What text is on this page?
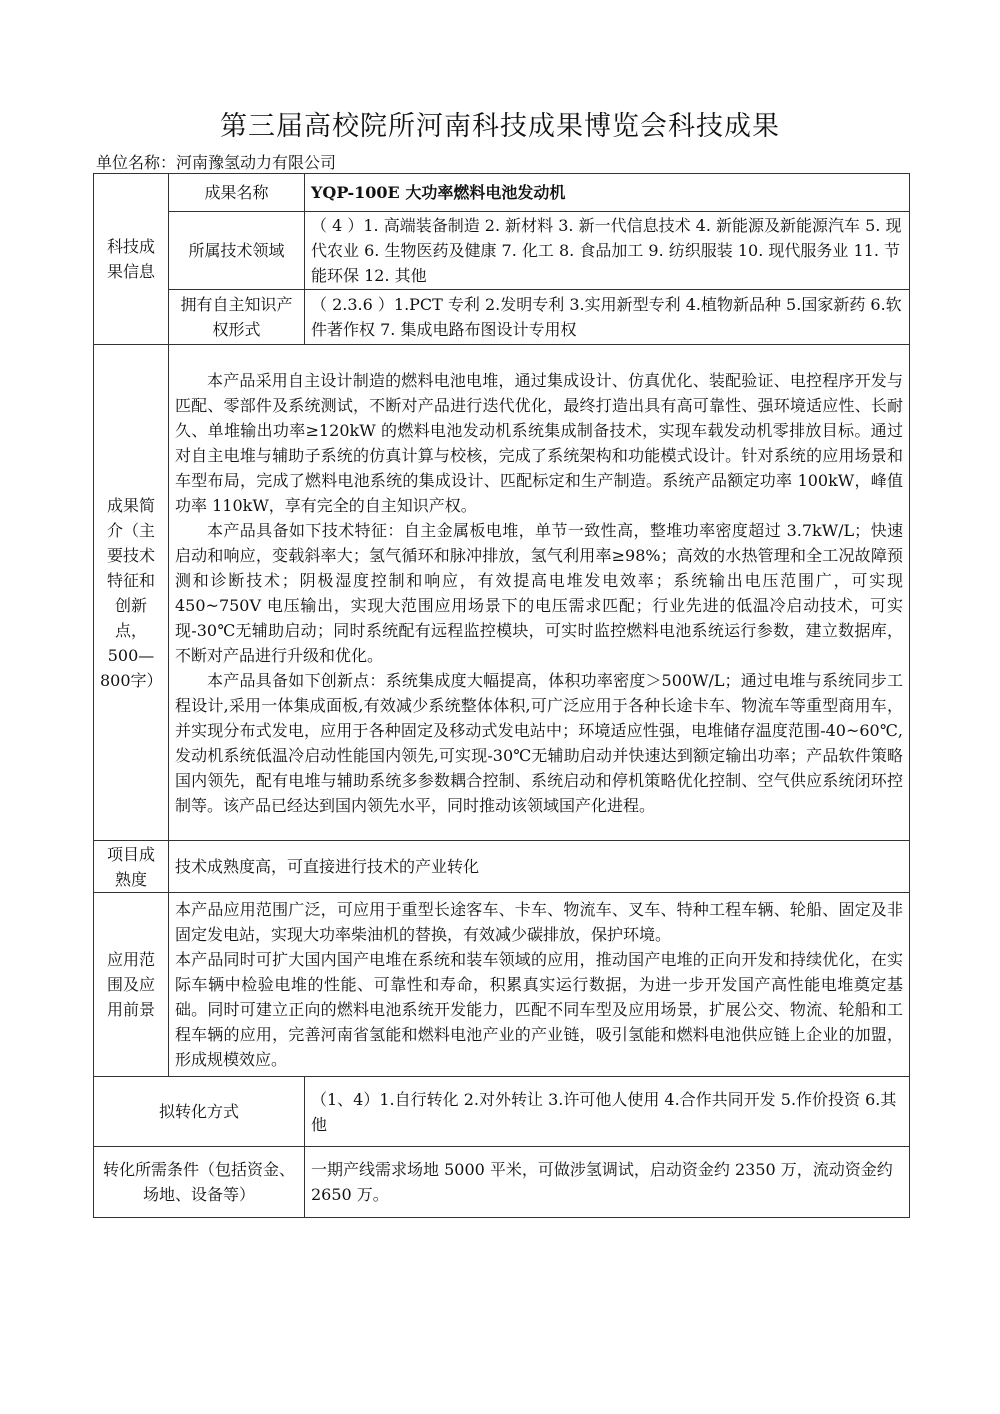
第三届高校院所河南科技成果博览会科技成果
单位名称：河南豫氢动力有限公司
科技成果信息	成果名称	YQP-100E 大功率燃料电池发动机
	所属技术领域	（ 4 ）1. 高端装备制造 2. 新材料 3. 新一代信息技术 4. 新能源及新能源汽车 5. 现代农业 6. 生物医药及健康 7. 化工 8. 食品加工 9. 纺织服装 10. 现代服务业 11. 节能环保 12. 其他
	拥有自主知识产权形式	（ 2.3.6 ）1.PCT 专利 2.发明专利 3.实用新型专利 4.植物新品种 5.国家新药 6.软件著作权 7. 集成电路布图设计专用权
成果简介（主要技术特征和创新点，500—800字）	本产品采用自主设计制造的燃料电池电堆，通过集成设计、仿真优化、装配验证、电控程序开发与匹配、零部件及系统测试，不断对产品进行迭代优化，最终打造出具有高可靠性、强环境适应性、长耐久、单堆输出功率≥120kW 的燃料电池发动机系统集成制备技术，实现车载发动机零排放目标。通过对自主电堆与辅助子系统的仿真计算与校核，完成了系统架构和功能模式设计。针对系统的应用场景和车型布局，完成了燃料电池系统的集成设计、匹配标定和生产制造。系统产品额定功率 100kW，峰值功率 110kW，享有完全的自主知识产权。

本产品具备如下技术特征：自主金属板电堆，单节一致性高，整堆功率密度超过 3.7kW/L；快速启动和响应，变载斜率大；氢气循环和脉冲排放，氢气利用率≥98%；高效的水热管理和全工况故障预测和诊断技术；阴极湿度控制和响应，有效提高电堆发电效率；系统输出电压范围广，可实现 450~750V 电压输出，实现大范围应用场景下的电压需求匹配；行业先进的低温冷启动技术，可实现-30℃无辅助启动；同时系统配有远程监控模块，可实时监控燃料电池系统运行参数，建立数据库，不断对产品进行升级和优化。

本产品具备如下创新点：系统集成度大幅提高，体积功率密度＞500W/L；通过电堆与系统同步工程设计,采用一体集成面板,有效减少系统整体体积,可广泛应用于各种长途卡车、物流车等重型商用车，并实现分布式发电，应用于各种固定及移动式发电站中；环境适应性强，电堆储存温度范围-40~60℃,发动机系统低温冷启动性能国内领先,可实现-30℃无辅助启动并快速达到额定输出功率；产品软件策略国内领先，配有电堆与辅助系统多参数耦合控制、系统启动和停机策略优化控制、空气供应系统闭环控制等。该产品已经达到国内领先水平，同时推动该领域国产化进程。	

项目成熟度	技术成熟度高，可直接进行技术的产业转化	
应用范围及应用前景	本产品应用范围广泛，可应用于重型长途客车、卡车、物流车、叉车、特种工程车辆、轮船、固定及非固定发电站，实现大功率柴油机的替换，有效减少碳排放，保护环境。

本产品同时可扩大国内国产电堆在系统和装车领域的应用，推动国产电堆的正向开发和持续优化，在实际车辆中检验电堆的性能、可靠性和寿命，积累真实运行数据，为进一步开发国产高性能电堆奠定基础。同时可建立正向的燃料电池系统开发能力，匹配不同车型及应用场景，扩展公交、物流、轮船和工程车辆的应用，完善河南省氢能和燃料电池产业的产业链，吸引氢能和燃料电池供应链上企业的加盟，形成规模效应。	

拟转化方式		（1、4）1.自行转化 2.对外转让 3.许可他人使用 4.合作共同开发 5.作价投资 6.其他
转化所需条件（包括资金、场地、设备等）		一期产线需求场地 5000 平米，可做涉氢调试，启动资金约 2350 万，流动资金约 2650 万。
